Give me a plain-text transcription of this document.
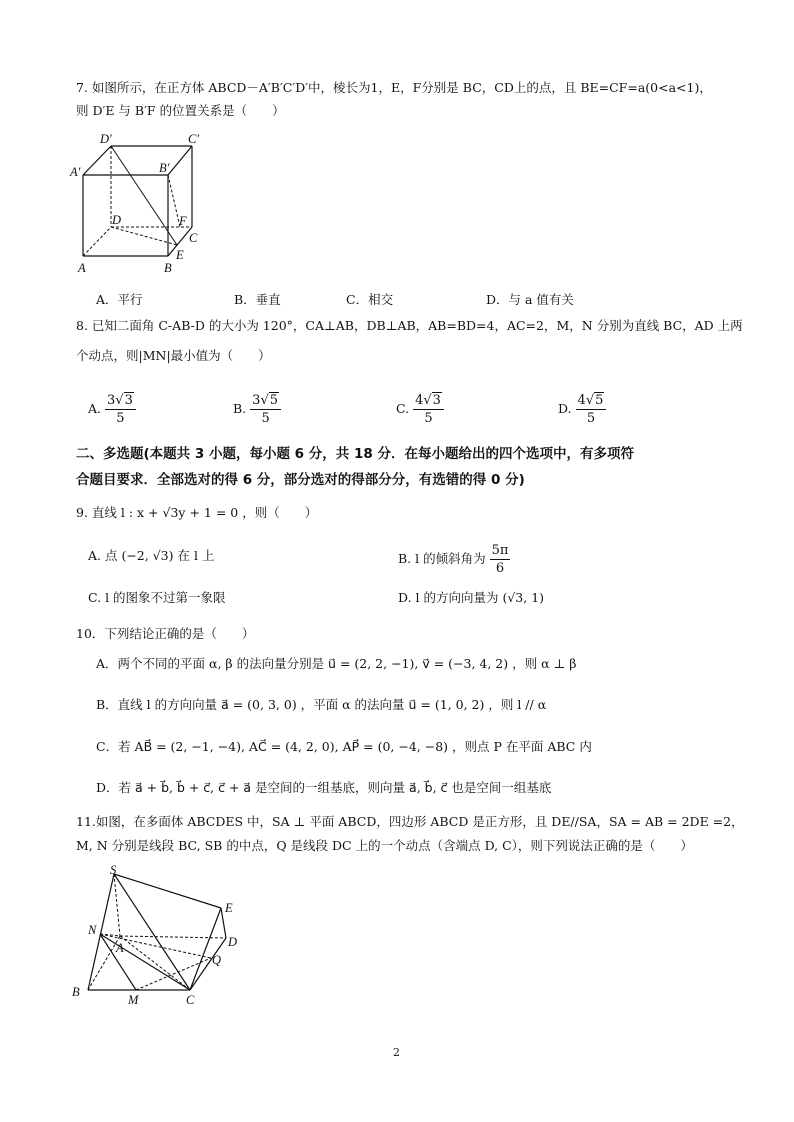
7. 如图所示，在正方体 ABCD－A′B′C′D′中，棱长为1，E，F分别是 BC，CD上的点，且 BE=CF=a(0<a<1)，
则 D′E 与 B′F 的位置关系是（　　）
D′	C′
A′	B′
D	F
C
E
A	B
A．平行	B．垂直	C．相交	D．与 a 值有关
8. 已知二面角 C-AB-D 的大小为 120°，CA⊥AB，DB⊥AB，AB=BD=4，AC=2，M，N 分别为直线 BC，AD 上两
个动点，则|MN|最小值为（　　）
A. $\frac{3√3}{5}$	B. $\frac{3√5}{5}$	C. $\frac{4√3}{5}$	D. $\frac{4√5}{5}$
二、多选题(本题共 3 小题，每小题 6 分，共 18 分．在每小题给出的四个选项中，有多项符
合题目要求．全部选对的得 6 分，部分选对的得部分分，有选错的得 0 分)
9. 直线 l : x + √3y + 1 = 0 ，则（　　）
A. 点 (−2, √3) 在 l 上	B. l 的倾斜角为 $\frac{5\pi}{6}$
C. l 的图象不过第一象限	D. l 的方向向量为 (√3, 1)
10．下列结论正确的是（　　）
A．两个不同的平面 α, β 的法向量分别是 u⃗ = (2, 2, −1), v⃗ = (−3, 4, 2) ，则 α ⊥ β
B．直线 l 的方向向量 a⃗ = (0, 3, 0) ，平面 α 的法向量 u⃗ = (1, 0, 2) ，则 l // α
C．若 AB⃗ = (2, −1, −4), AC⃗ = (4, 2, 0), AP⃗ = (0, −4, −8) ，则点 P 在平面 ABC 内
D．若 a⃗ + b⃗, b⃗ + c⃗, c⃗ + a⃗ 是空间的一组基底，则向量 a⃗, b⃗, c⃗ 也是空间一组基底
11.如图，在多面体 ABCDES 中，SA ⊥ 平面 ABCD，四边形 ABCD 是正方形，且 DE//SA，SA = AB = 2DE =2，
M, N 分别是线段 BC, SB 的中点，Q 是线段 DC 上的一个动点（含端点 D, C），则下列说法正确的是（　　）
S
E
N
A	D
Q
B
M	C
2
